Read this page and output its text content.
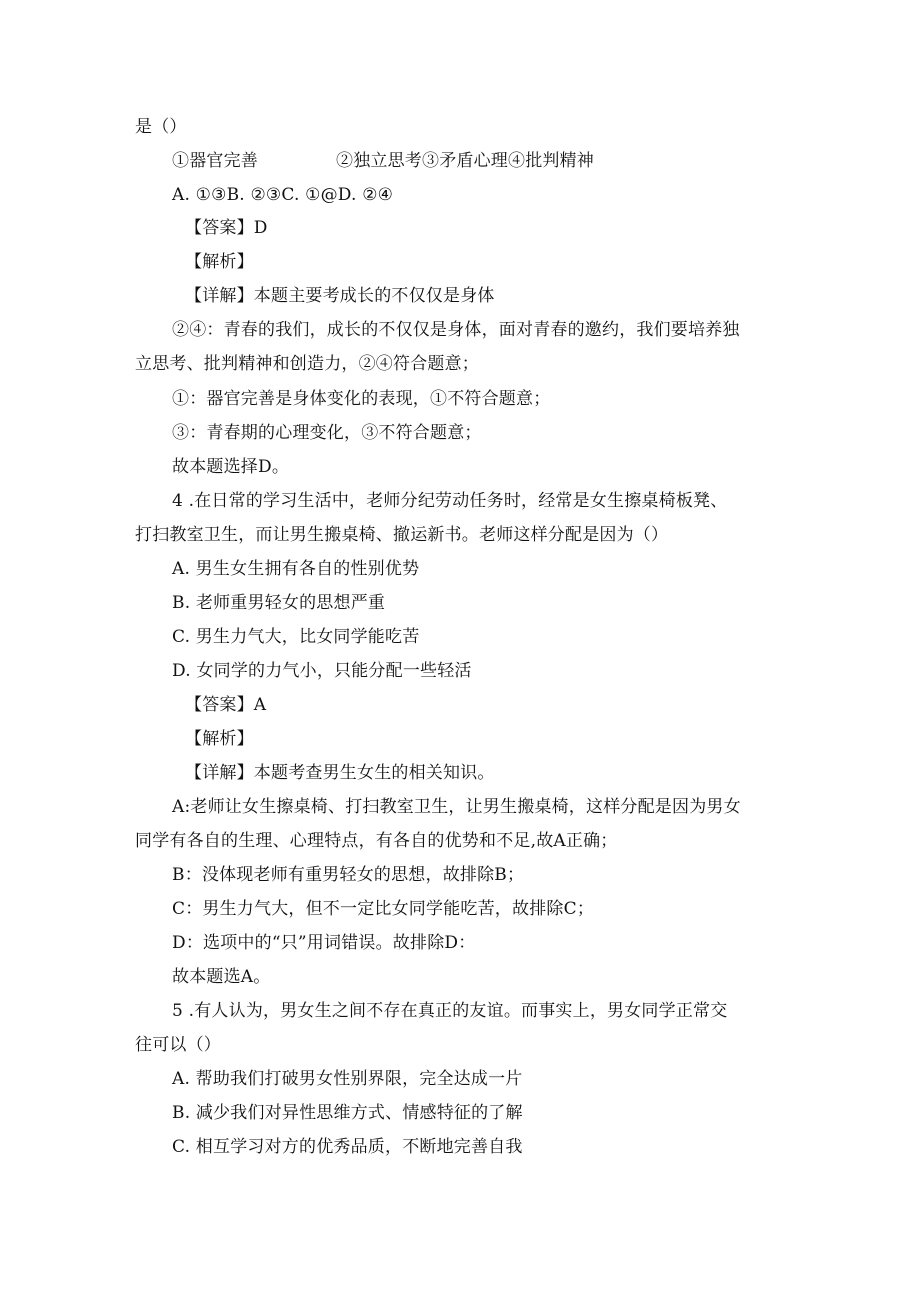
是（）
①器官完善	②独立思考③矛盾心理④批判精神
A. ①③B. ②③C. ①@D. ②④
【答案】D
【解析】
【详解】本题主要考成长的不仅仅是身体
②④：青春的我们，成长的不仅仅是身体，面对青春的邀约，我们要培养独
立思考、批判精神和创造力，②④符合题意；
①：器官完善是身体变化的表现，①不符合题意；
③：青春期的心理变化，③不符合题意；
故本题选择D。
4 .在日常的学习生活中，老师分纪劳动任务时，经常是女生擦桌椅板凳、
打扫教室卫生，而让男生搬桌椅、撤运新书。老师这样分配是因为（）
A. 男生女生拥有各自的性别优势
B. 老师重男轻女的思想严重
C. 男生力气大，比女同学能吃苦
D. 女同学的力气小，只能分配一些轻活
【答案】A
【解析】
【详解】本题考查男生女生的相关知识。
A:老师让女生擦桌椅、打扫教室卫生，让男生搬桌椅，这样分配是因为男女
同学有各自的生理、心理特点，有各自的优势和不足,故A正确；
B：没体现老师有重男轻女的思想，故排除B；
C：男生力气大，但不一定比女同学能吃苦，故排除C；
D：选项中的“只”用词错误。故排除D：
故本题选A。
5 .有人认为，男女生之间不存在真正的友谊。而事实上，男女同学正常交
往可以（）
A. 帮助我们打破男女性别界限，完全达成一片
B. 减少我们对异性思维方式、情感特征的了解
C. 相互学习对方的优秀品质，不断地完善自我
